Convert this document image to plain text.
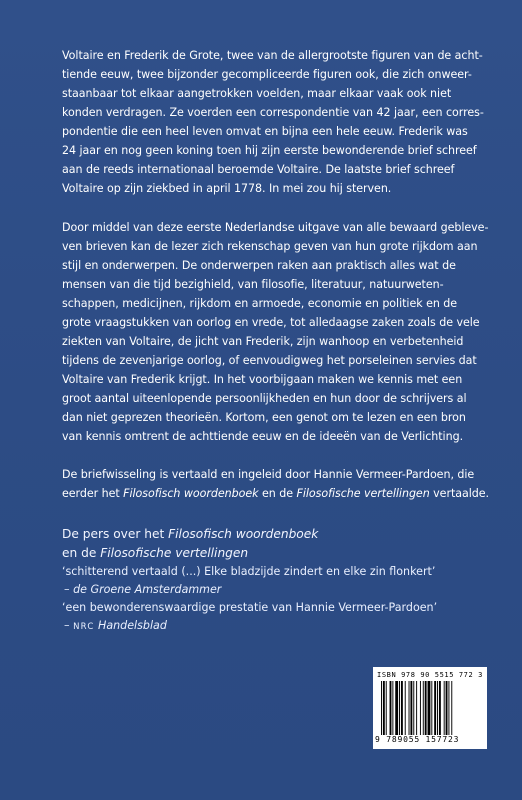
Voltaire en Frederik de Grote, twee van de allergrootste figuren van de acht-
tiende eeuw, twee bijzonder gecompliceerde figuren ook, die zich onweer-
staanbaar tot elkaar aangetrokken voelden, maar elkaar vaak ook niet
konden verdragen. Ze voerden een correspondentie van 42 jaar, een corres-
pondentie die een heel leven omvat en bijna een hele eeuw. Frederik was
24 jaar en nog geen koning toen hij zijn eerste bewonderende brief schreef
aan de reeds internationaal beroemde Voltaire. De laatste brief schreef
Voltaire op zijn ziekbed in april 1778. In mei zou hij sterven.

Door middel van deze eerste Nederlandse uitgave van alle bewaard gebleve-
ven brieven kan de lezer zich rekenschap geven van hun grote rijkdom aan
stijl en onderwerpen. De onderwerpen raken aan praktisch alles wat de
mensen van die tijd bezighield, van filosofie, literatuur, natuurweten-
schappen, medicijnen, rijkdom en armoede, economie en politiek en de
grote vraagstukken van oorlog en vrede, tot alledaagse zaken zoals de vele
ziekten van Voltaire, de jicht van Frederik, zijn wanhoop en verbetenheid
tijdens de zevenjarige oorlog, of eenvoudigweg het porseleinen servies dat
Voltaire van Frederik krijgt. In het voorbijgaan maken we kennis met een
groot aantal uiteenlopende persoonlijkheden en hun door de schrijvers al
dan niet geprezen theorieën. Kortom, een genot om te lezen en een bron
van kennis omtrent de achttiende eeuw en de ideeën van de Verlichting.

De briefwisseling is vertaald en ingeleid door Hannie Vermeer-Pardoen, die
eerder het Filosofisch woordenboek en de Filosofische vertellingen vertaalde.

De pers over het Filosofisch woordenboek
en de Filosofische vertellingen
‘schitterend vertaald (...) Elke bladzijde zindert en elke zin flonkert’
– de Groene Amsterdammer
‘een bewonderenswaardige prestatie van Hannie Vermeer-Pardoen’
– NRC Handelsblad
ISBN 978 90 5515 772 3
9 789055 157723
